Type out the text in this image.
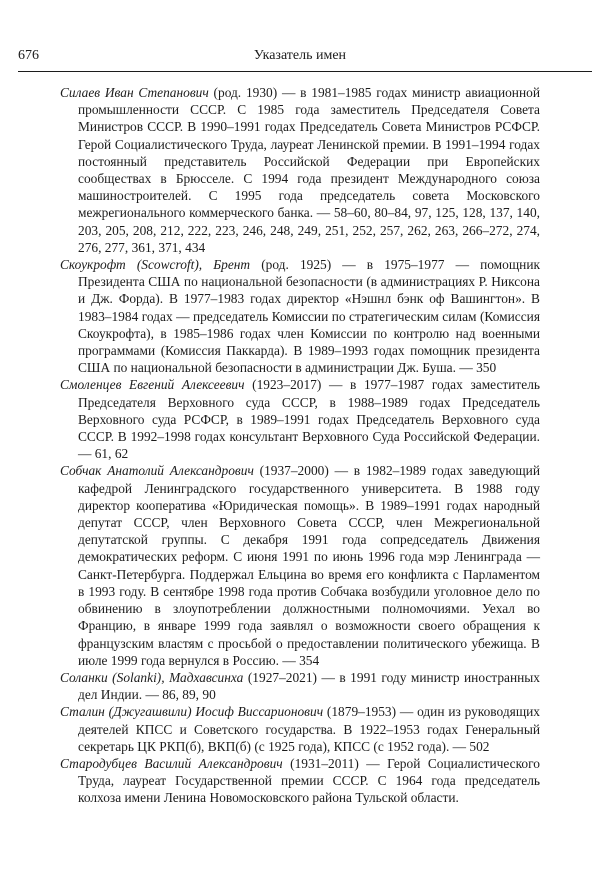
676	Указатель имен

Силаев Иван Степанович (род. 1930) — в 1981–1985 годах министр авиационной промышленности СССР. С 1985 года заместитель Председателя Совета Министров СССР. В 1990–1991 годах Председатель Совета Министров РСФСР. Герой Социалистического Труда, лауреат Ленинской премии. В 1991–1994 годах постоянный представитель Российской Федерации при Европейских сообществах в Брюсселе. С 1994 года президент Международного союза машиностроителей. С 1995 года председатель совета Московского межрегионального коммерческого банка. — 58–60, 80–84, 97, 125, 128, 137, 140, 203, 205, 208, 212, 222, 223, 246, 248, 249, 251, 252, 257, 262, 263, 266–272, 274, 276, 277, 361, 371, 434

Скоукрофт (Scowcroft), Брент (род. 1925) — в 1975–1977 — помощник Президента США по национальной безопасности (в администрациях Р. Никсона и Дж. Форда). В 1977–1983 годах директор «Нэшнл бэнк оф Вашингтон». В 1983–1984 годах — председатель Комиссии по стратегическим силам (Комиссия Скоукрофта), в 1985–1986 годах член Комиссии по контролю над военными программами (Комиссия Паккарда). В 1989–1993 годах помощник президента США по национальной безопасности в администрации Дж. Буша. — 350

Смоленцев Евгений Алексеевич (1923–2017) — в 1977–1987 годах заместитель Председателя Верховного суда СССР, в 1988–1989 годах Председатель Верховного суда РСФСР, в 1989–1991 годах Председатель Верховного суда СССР. В 1992–1998 годах консультант Верховного Суда Российской Федерации. — 61, 62

Собчак Анатолий Александрович (1937–2000) — в 1982–1989 годах заведующий кафедрой Ленинградского государственного университета. В 1988 году директор кооператива «Юридическая помощь». В 1989–1991 годах народный депутат СССР, член Верховного Совета СССР, член Межрегиональной депутатской группы. С декабря 1991 года сопредседатель Движения демократических реформ. С июня 1991 по июнь 1996 года мэр Ленинграда — Санкт-Петербурга. Поддержал Ельцина во время его конфликта с Парламентом в 1993 году. В сентябре 1998 года против Собчака возбудили уголовное дело по обвинению в злоупотреблении должностными полномочиями. Уехал во Францию, в январе 1999 года заявлял о возможности своего обращения к французским властям с просьбой о предоставлении политического убежища. В июле 1999 года вернулся в Россию. — 354

Соланки (Solanki), Мадхавсинха (1927–2021) — в 1991 году министр иностранных дел Индии. — 86, 89, 90

Сталин (Джугашвили) Иосиф Виссарионович (1879–1953) — один из руководящих деятелей КПСС и Советского государства. В 1922–1953 годах Генеральный секретарь ЦК РКП(б), ВКП(б) (с 1925 года), КПСС (с 1952 года). — 502

Стародубцев Василий Александрович (1931–2011) — Герой Социалистического Труда, лауреат Государственной премии СССР. С 1964 года председатель колхоза имени Ленина Новомосковского района Тульской области.
